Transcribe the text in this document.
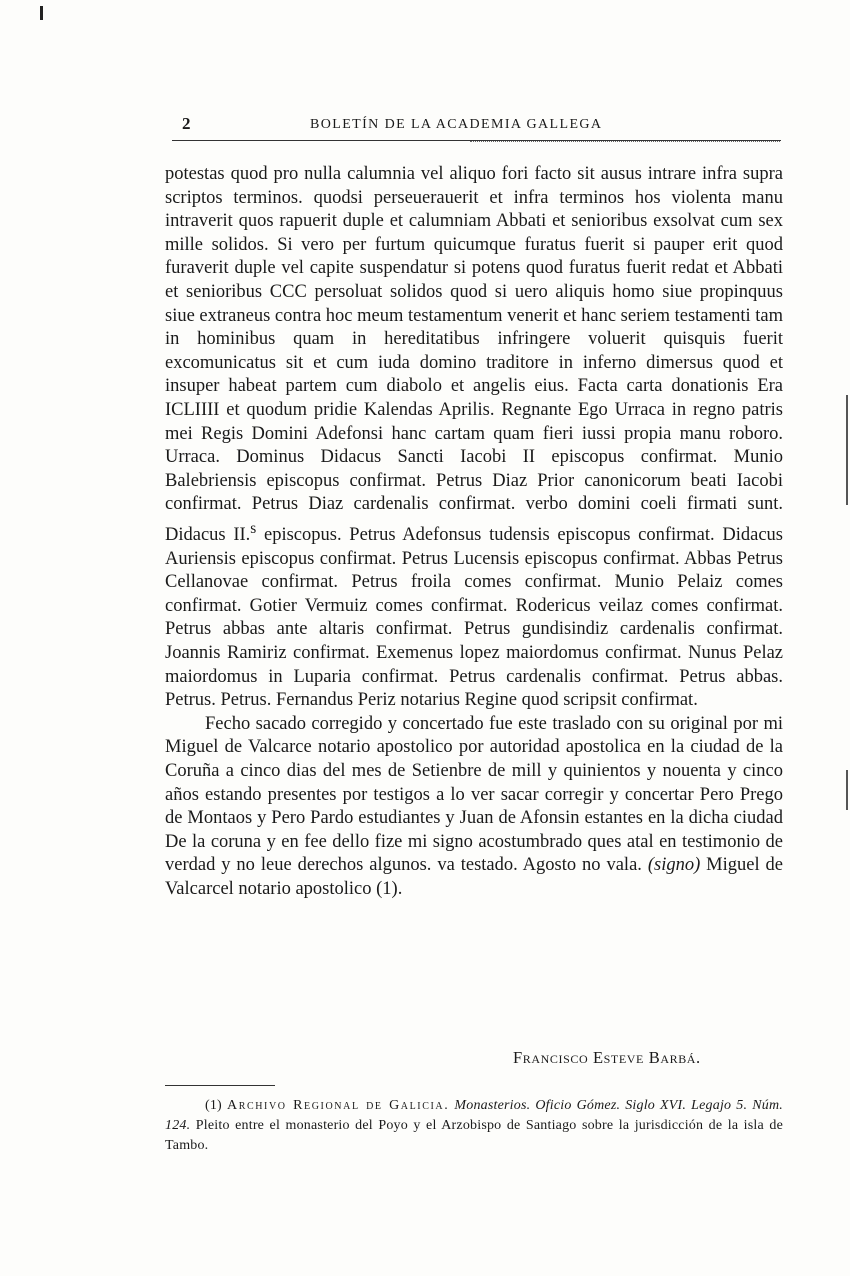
2	BOLETÍN DE LA ACADEMIA GALLEGA

potestas quod pro nulla calumnia vel aliquo fori facto sit ausus intrare infra supra scriptos terminos. quodsi perseuerauerit et infra terminos hos violenta manu intraverit quos rapuerit duple et calumniam Abbati et senioribus exsolvat cum sex mille solidos. Si vero per furtum quicumque furatus fuerit si pauper erit quod furaverit duple vel capite suspendatur si potens quod furatus fuerit redat et Abbati et senioribus CCC persoluat solidos quod si uero aliquis homo siue propinquus siue extraneus contra hoc meum testamentum venerit et hanc seriem testamenti tam in hominibus quam in hereditatibus infringere voluerit quisquis fuerit excomunicatus sit et cum iuda domino traditore in inferno dimersus quod et insuper habeat partem cum diabolo et angelis eius. Facta carta donationis Era ICLIIII et quodum pridie Kalendas Aprilis. Regnante Ego Urraca in regno patris mei Regis Domini Adefonsi hanc cartam quam fieri iussi propia manu roboro. Urraca. Dominus Didacus Sancti Iacobi II episcopus confirmat. Munio Balebriensis episcopus confirmat. Petrus Diaz Prior canonicorum beati Iacobi confirmat. Petrus Diaz cardenalis confirmat. verbo domini coeli firmati sunt. Didacus II.$^s$ episcopus. Petrus Adefonsus tudensis episcopus confirmat. Didacus Auriensis episcopus confirmat. Petrus Lucensis episcopus confirmat. Abbas Petrus Cellanovae confirmat. Petrus froila comes confirmat. Munio Pelaiz comes confirmat. Gotier Vermuiz comes confirmat. Rodericus veilaz comes confirmat. Petrus abbas ante altaris confirmat. Petrus gundisindiz cardenalis confirmat. Joannis Ramiriz confirmat. Exemenus lopez maiordomus confirmat. Nunus Pelaz maiordomus in Luparia confirmat. Petrus cardenalis confirmat. Petrus abbas. Petrus. Petrus. Fernandus Periz notarius Regine quod scripsit confirmat.

Fecho sacado corregido y concertado fue este traslado con su original por mi Miguel de Valcarce notario apostolico por autoridad apostolica en la ciudad de la Coruña a cinco dias del mes de Setienbre de mill y quinientos y nouenta y cinco años estando presentes por testigos a lo ver sacar corregir y concertar Pero Prego de Montaos y Pero Pardo estudiantes y Juan de Afonsin estantes en la dicha ciudad De la coruna y en fee dello fize mi signo acostumbrado ques atal en testimonio de verdad y no leue derechos algunos. va testado. Agosto no vala. (signo) Miguel de Valcarcel notario apostolico (1).

Francisco Esteve Barbá.

(1) Archivo Regional de Galicia. Monasterios. Oficio Gómez. Siglo XVI. Legajo 5. Núm. 124. Pleito entre el monasterio del Poyo y el Arzobispo de Santiago sobre la jurisdicción de la isla de Tambo.
